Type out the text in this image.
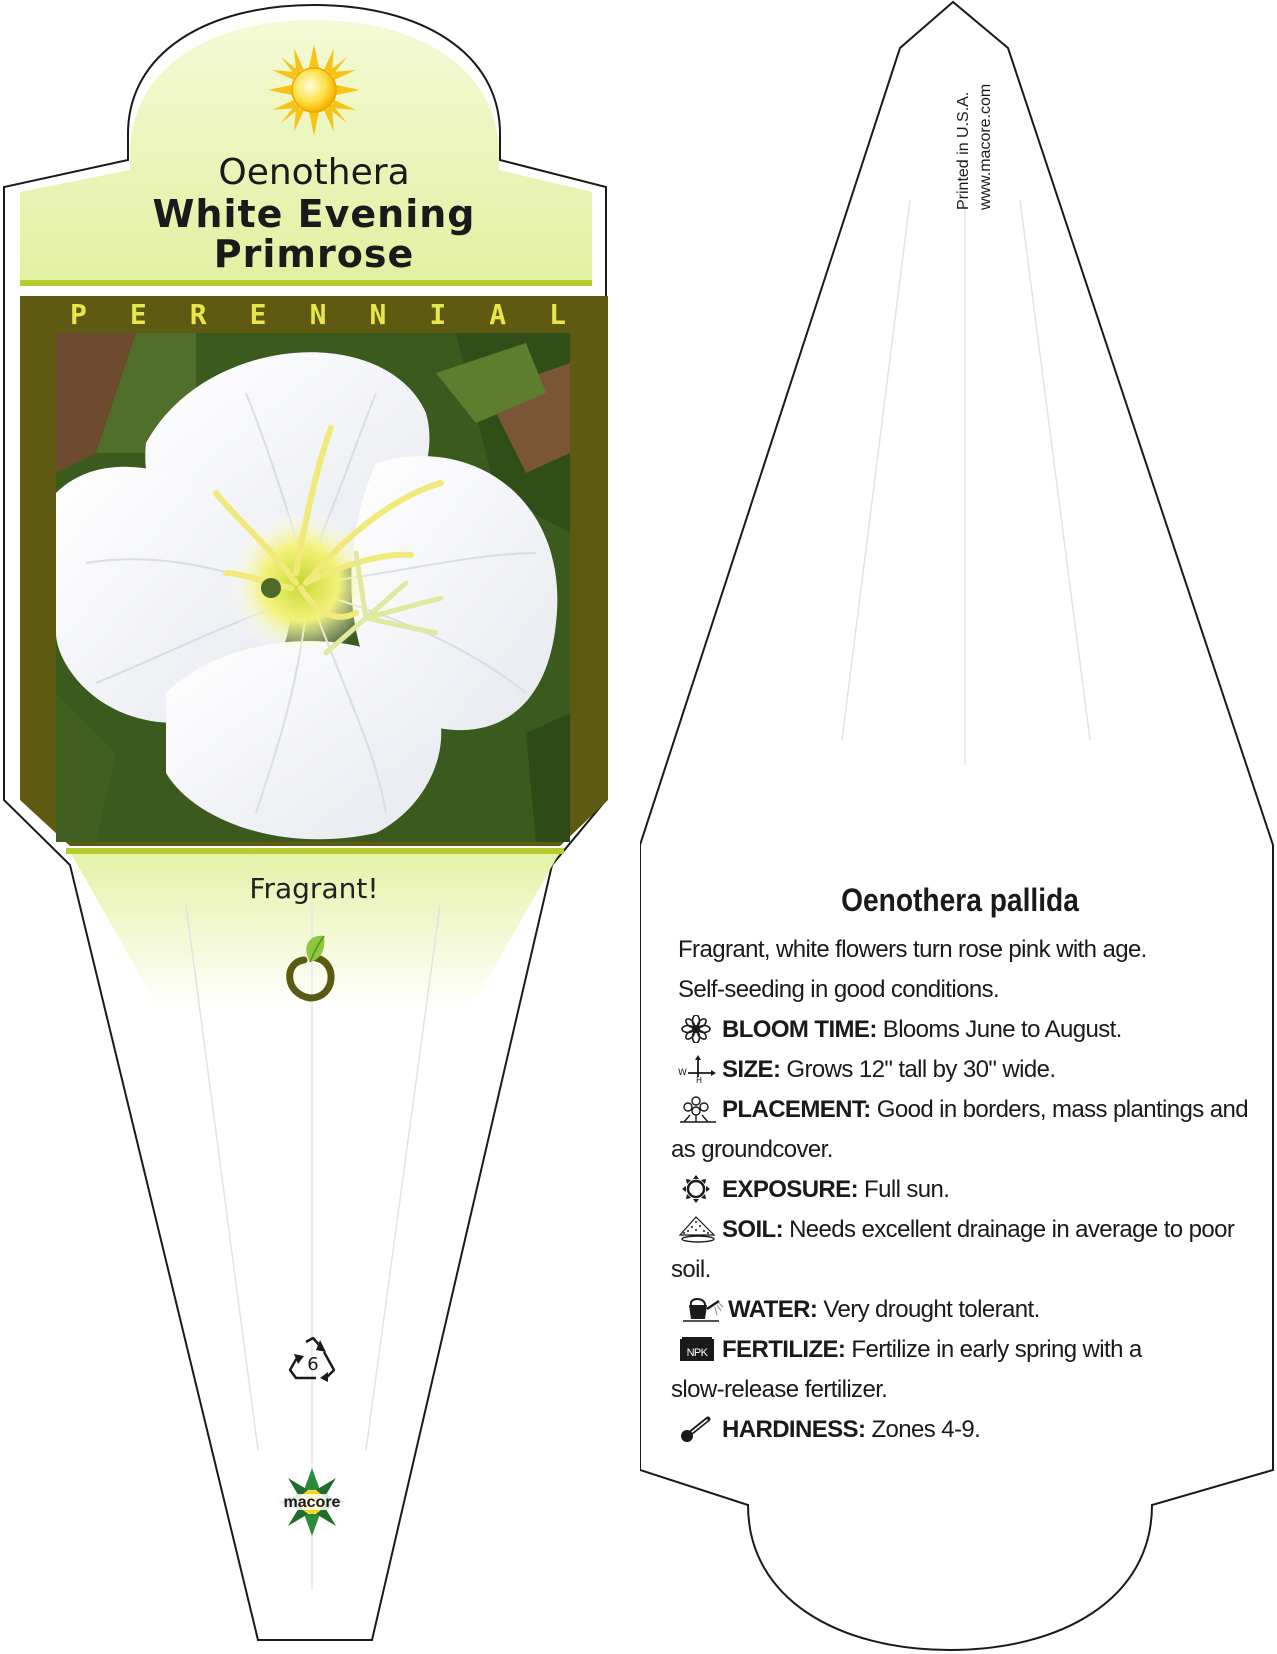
Oenothera
White Evening
Primrose
P E R E N N I A L
Fragrant!
6
macore
Printed in U.S.A. www.macore.com
Oenothera pallida
Fragrant, white flowers turn rose pink with age.
Self-seeding in good conditions.
BLOOM TIME: Blooms June to August.
W
H SIZE: Grows 12" tall by 30" wide.
PLACEMENT: Good in borders, mass plantings and
as groundcover.
EXPOSURE: Full sun.
SOIL: Needs excellent drainage in average to poor
soil.
WATER: Very drought tolerant.
NPK FERTILIZE: Fertilize in early spring with a
slow-release fertilizer.
HARDINESS: Zones 4-9.
